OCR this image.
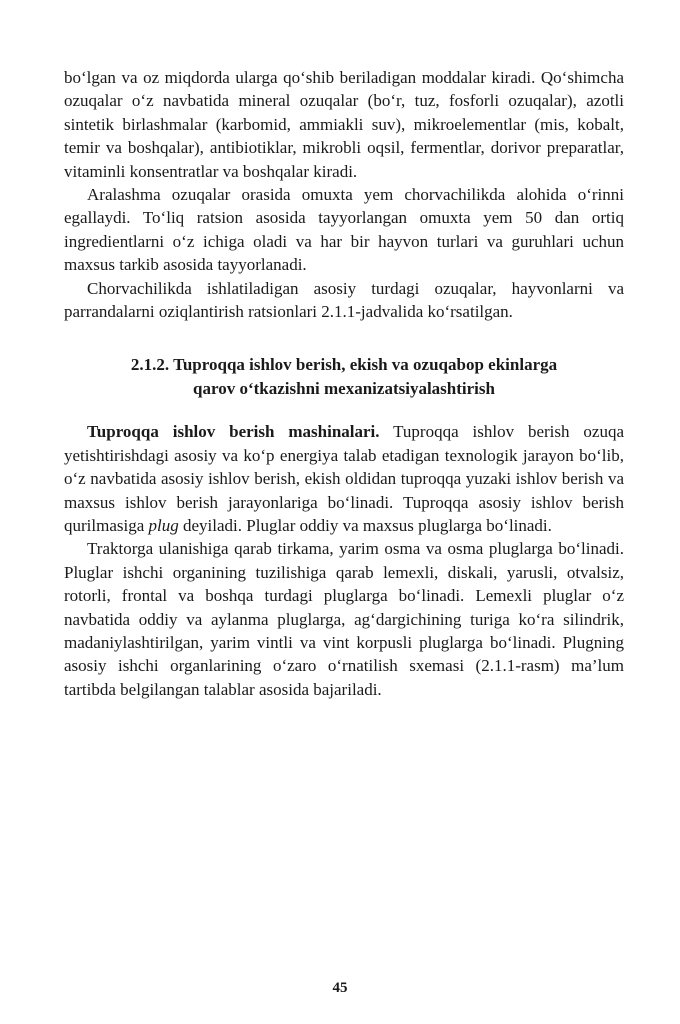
bo‘lgan va oz miqdorda ularga qo‘shib beriladigan moddalar kiradi. Qo‘shimcha ozuqalar o‘z navbatida mineral ozuqalar (bo‘r, tuz, fosforli ozuqalar), azotli sintetik birlashmalar (karbomid, ammiakli suv), mikroelementlar (mis, kobalt, temir va boshqalar), antibiotiklar, mikrobli oqsil, fermentlar, dorivor preparatlar, vitaminli konsentratlar va boshqalar kiradi.

Aralashma ozuqalar orasida omuxta yem chorvachilikda alohida o‘rinni egallaydi. To‘liq ratsion asosida tayyorlangan omuxta yem 50 dan ortiq ingredientlarni o‘z ichiga oladi va har bir hayvon turlari va guruhlari uchun maxsus tarkib asosida tayyorlanadi.

Chorvachilikda ishlatiladigan asosiy turdagi ozuqalar, hayvonlarni va parrandalarni oziqlantirish ratsionlari 2.1.1-jadvalida ko‘rsatilgan.

2.1.2. Tuproqqa ishlov berish, ekish va ozuqabop ekinlarga
qarov o‘tkazishni mexanizatsiyalashtirish

Tuproqqa ishlov berish mashinalari. Tuproqqa ishlov berish ozuqa yetishtirishdagi asosiy va ko‘p energiya talab etadigan texnologik jarayon bo‘lib, o‘z navbatida asosiy ishlov berish, ekish oldidan tuproqqa yuzaki ishlov berish va maxsus ishlov berish jarayonlariga bo‘linadi. Tuproqqa asosiy ishlov berish qurilmasiga plug deyiladi. Pluglar oddiy va maxsus pluglarga bo‘linadi.

Traktorga ulanishiga qarab tirkama, yarim osma va osma pluglarga bo‘linadi. Pluglar ishchi organining tuzilishiga qarab lemexli, diskali, yarusli, otvalsiz, rotorli, frontal va boshqa turdagi pluglarga bo‘linadi. Lemexli pluglar o‘z navbatida oddiy va aylanma pluglarga, ag‘dargichining turiga ko‘ra silindrik, madaniylashtirilgan, yarim vintli va vint korpusli pluglarga bo‘linadi. Plugning asosiy ishchi organlarining o‘zaro o‘rnatilish sxemasi (2.1.1-rasm) ma’lum tartibda belgilangan talablar asosida bajariladi.

45
